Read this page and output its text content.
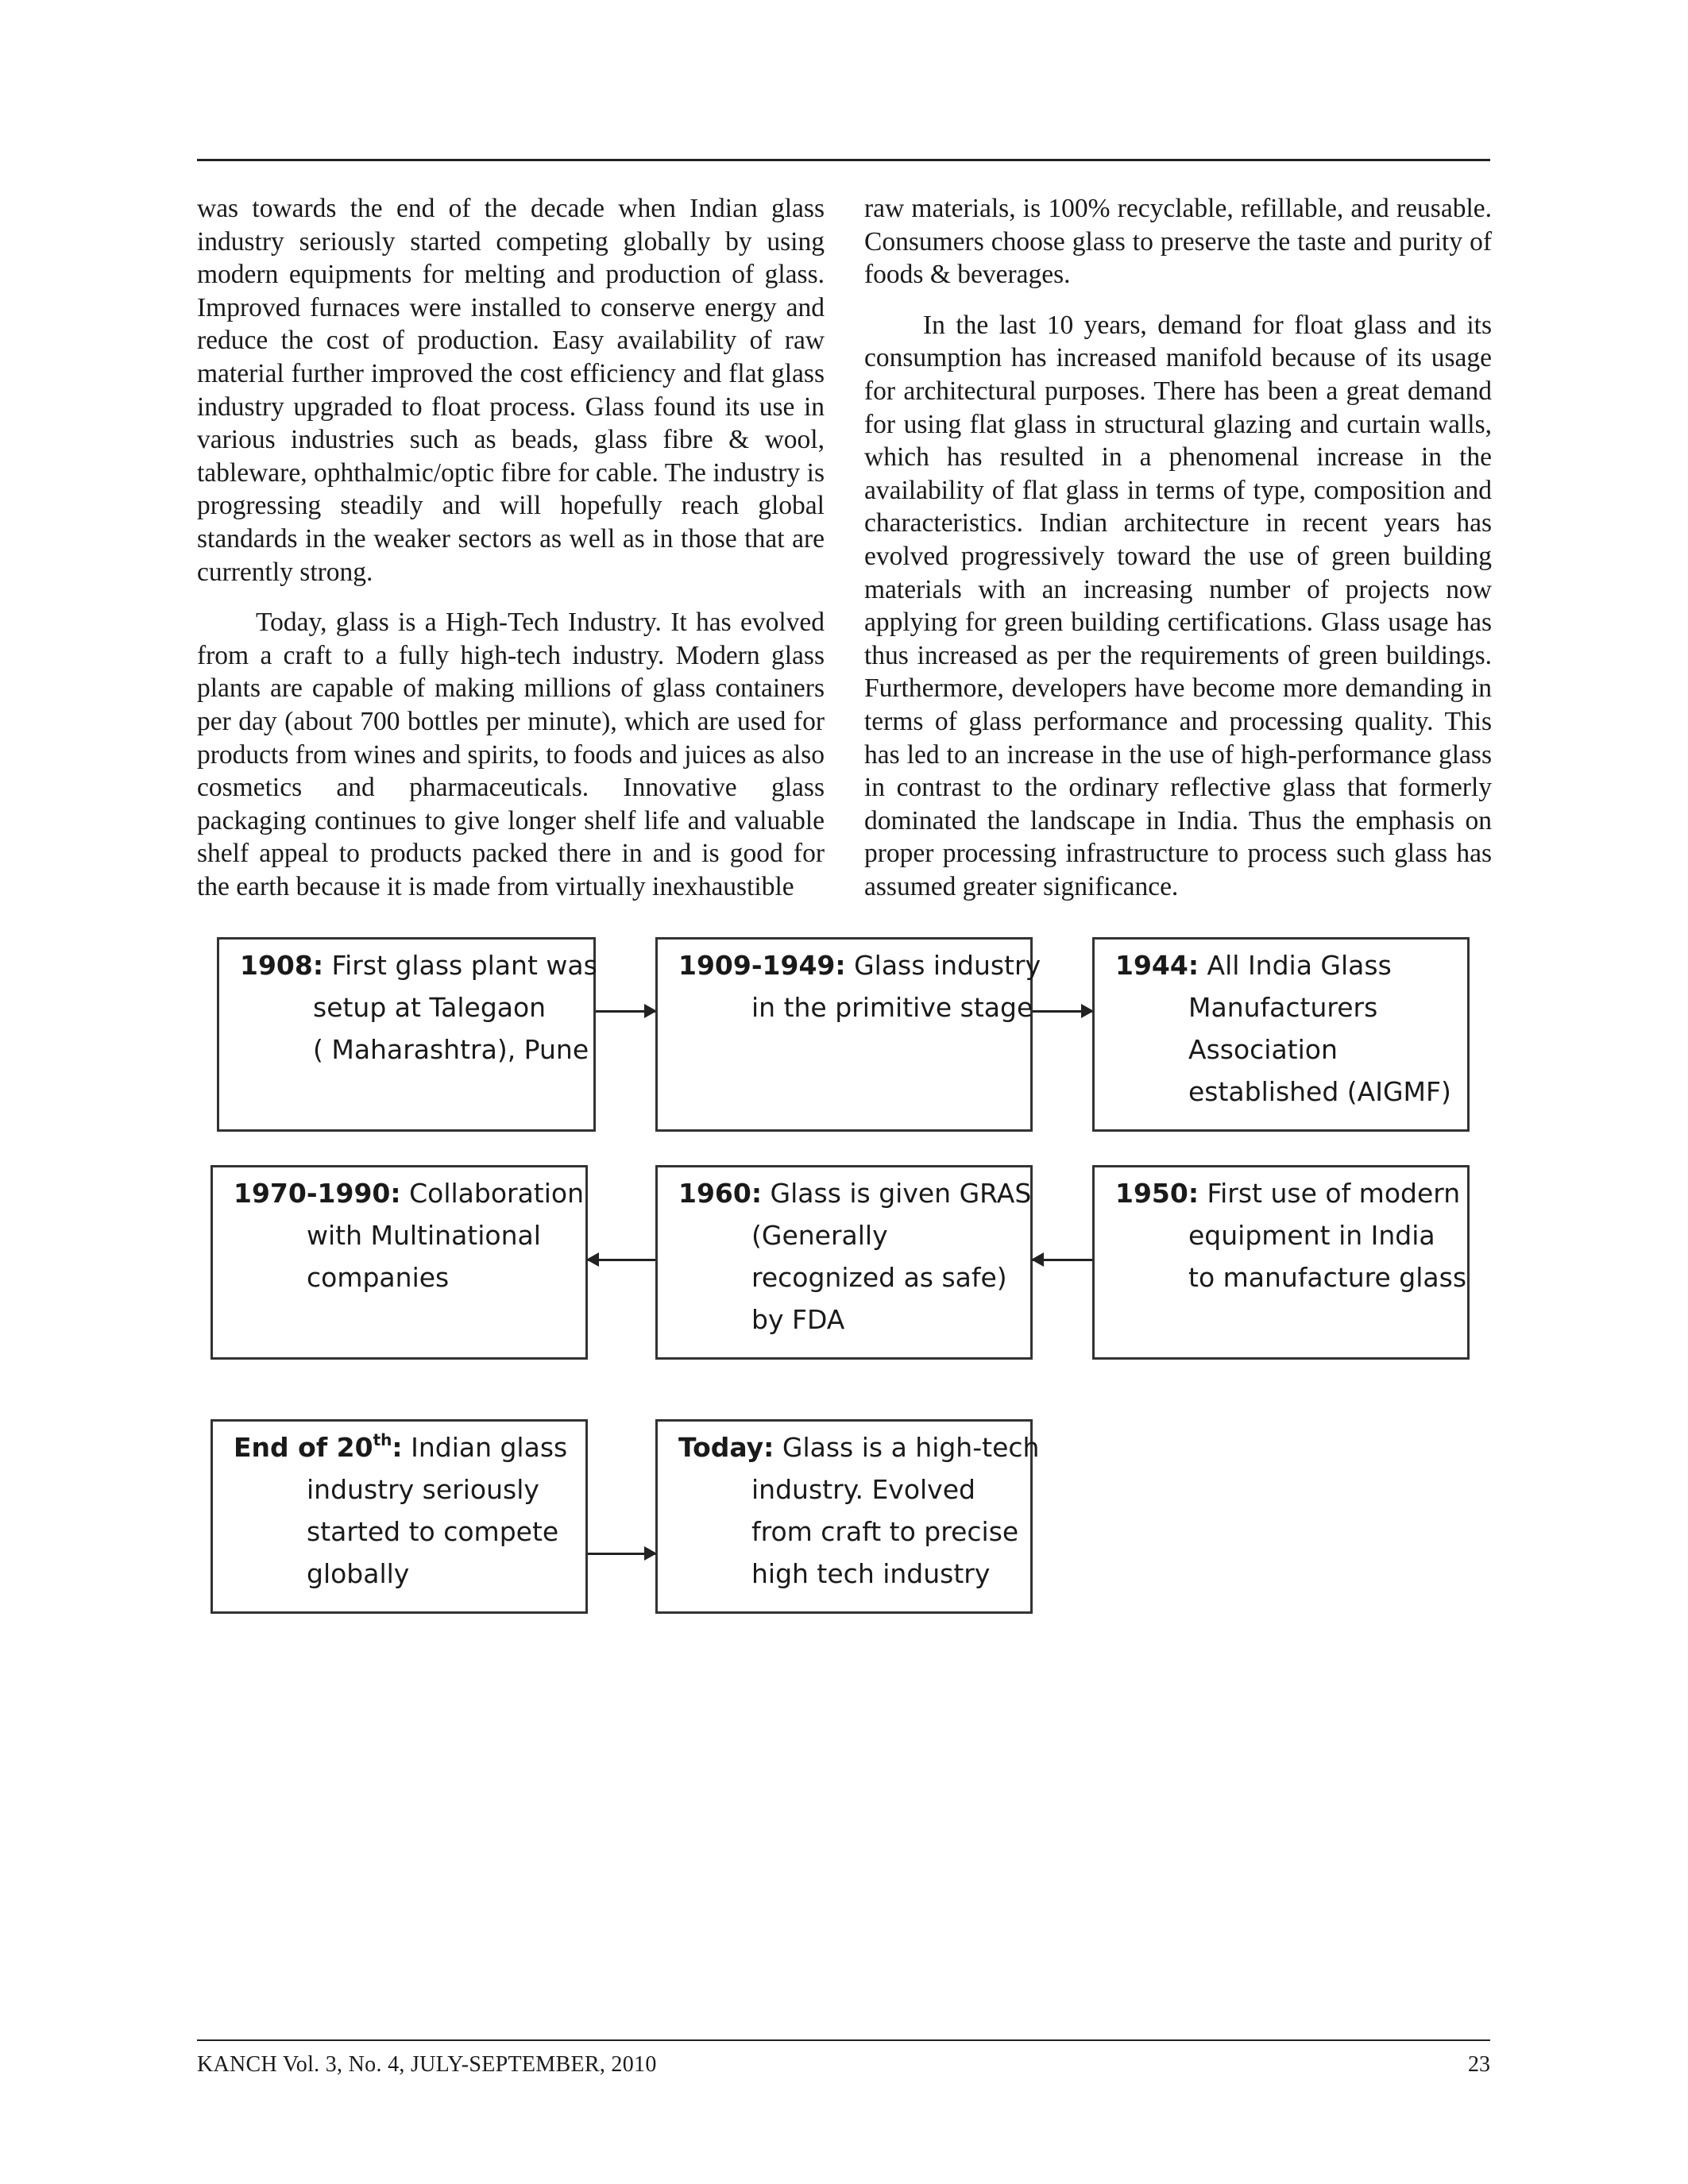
was towards the end of the decade when Indian glass industry seriously started competing globally by using modern equipments for melting and production of glass. Improved furnaces were installed to conserve energy and reduce the cost of production. Easy availability of raw material further improved the cost efficiency and flat glass industry upgraded to float process. Glass found its use in various industries such as beads, glass fibre & wool, tableware, ophthalmic/optic fibre for cable. The industry is progressing steadily and will hopefully reach global standards in the weaker sectors as well as in those that are currently strong.

Today, glass is a High-Tech Industry. It has evolved from a craft to a fully high-tech industry. Modern glass plants are capable of making millions of glass containers per day (about 700 bottles per minute), which are used for products from wines and spirits, to foods and juices as also cosmetics and pharmaceuticals. Innovative glass packaging continues to give longer shelf life and valuable shelf appeal to products packed there in and is good for the earth because it is made from virtually inexhaustible

raw materials, is 100% recyclable, refillable, and reusable. Consumers choose glass to preserve the taste and purity of foods & beverages.

In the last 10 years, demand for float glass and its consumption has increased manifold because of its usage for architectural purposes. There has been a great demand for using flat glass in structural glazing and curtain walls, which has resulted in a phenomenal increase in the availability of flat glass in terms of type, composition and characteristics. Indian architecture in recent years has evolved progressively toward the use of green building materials with an increasing number of projects now applying for green building certifications. Glass usage has thus increased as per the requirements of green buildings. Furthermore, developers have become more demanding in terms of glass performance and processing quality. This has led to an increase in the use of high-performance glass in contrast to the ordinary reflective glass that formerly dominated the landscape in India. Thus the emphasis on proper processing infrastructure to process such glass has assumed greater significance.

1908: First glass plant was
setup at Talegaon
( Maharashtra), Pune
1909-1949: Glass industry
in the primitive stage
1944: All India Glass
Manufacturers
Association
established (AIGMF)
1970-1990: Collaboration
with Multinational
companies
1960: Glass is given GRAS
(Generally
recognized as safe)
by FDA
1950: First use of modern
equipment in India
to manufacture glass
End of 20th: Indian glass
industry seriously
started to compete
globally
Today: Glass is a high-tech
industry. Evolved
from craft to precise
high tech industry
KANCH Vol. 3, No. 4, JULY-SEPTEMBER, 2010	23
